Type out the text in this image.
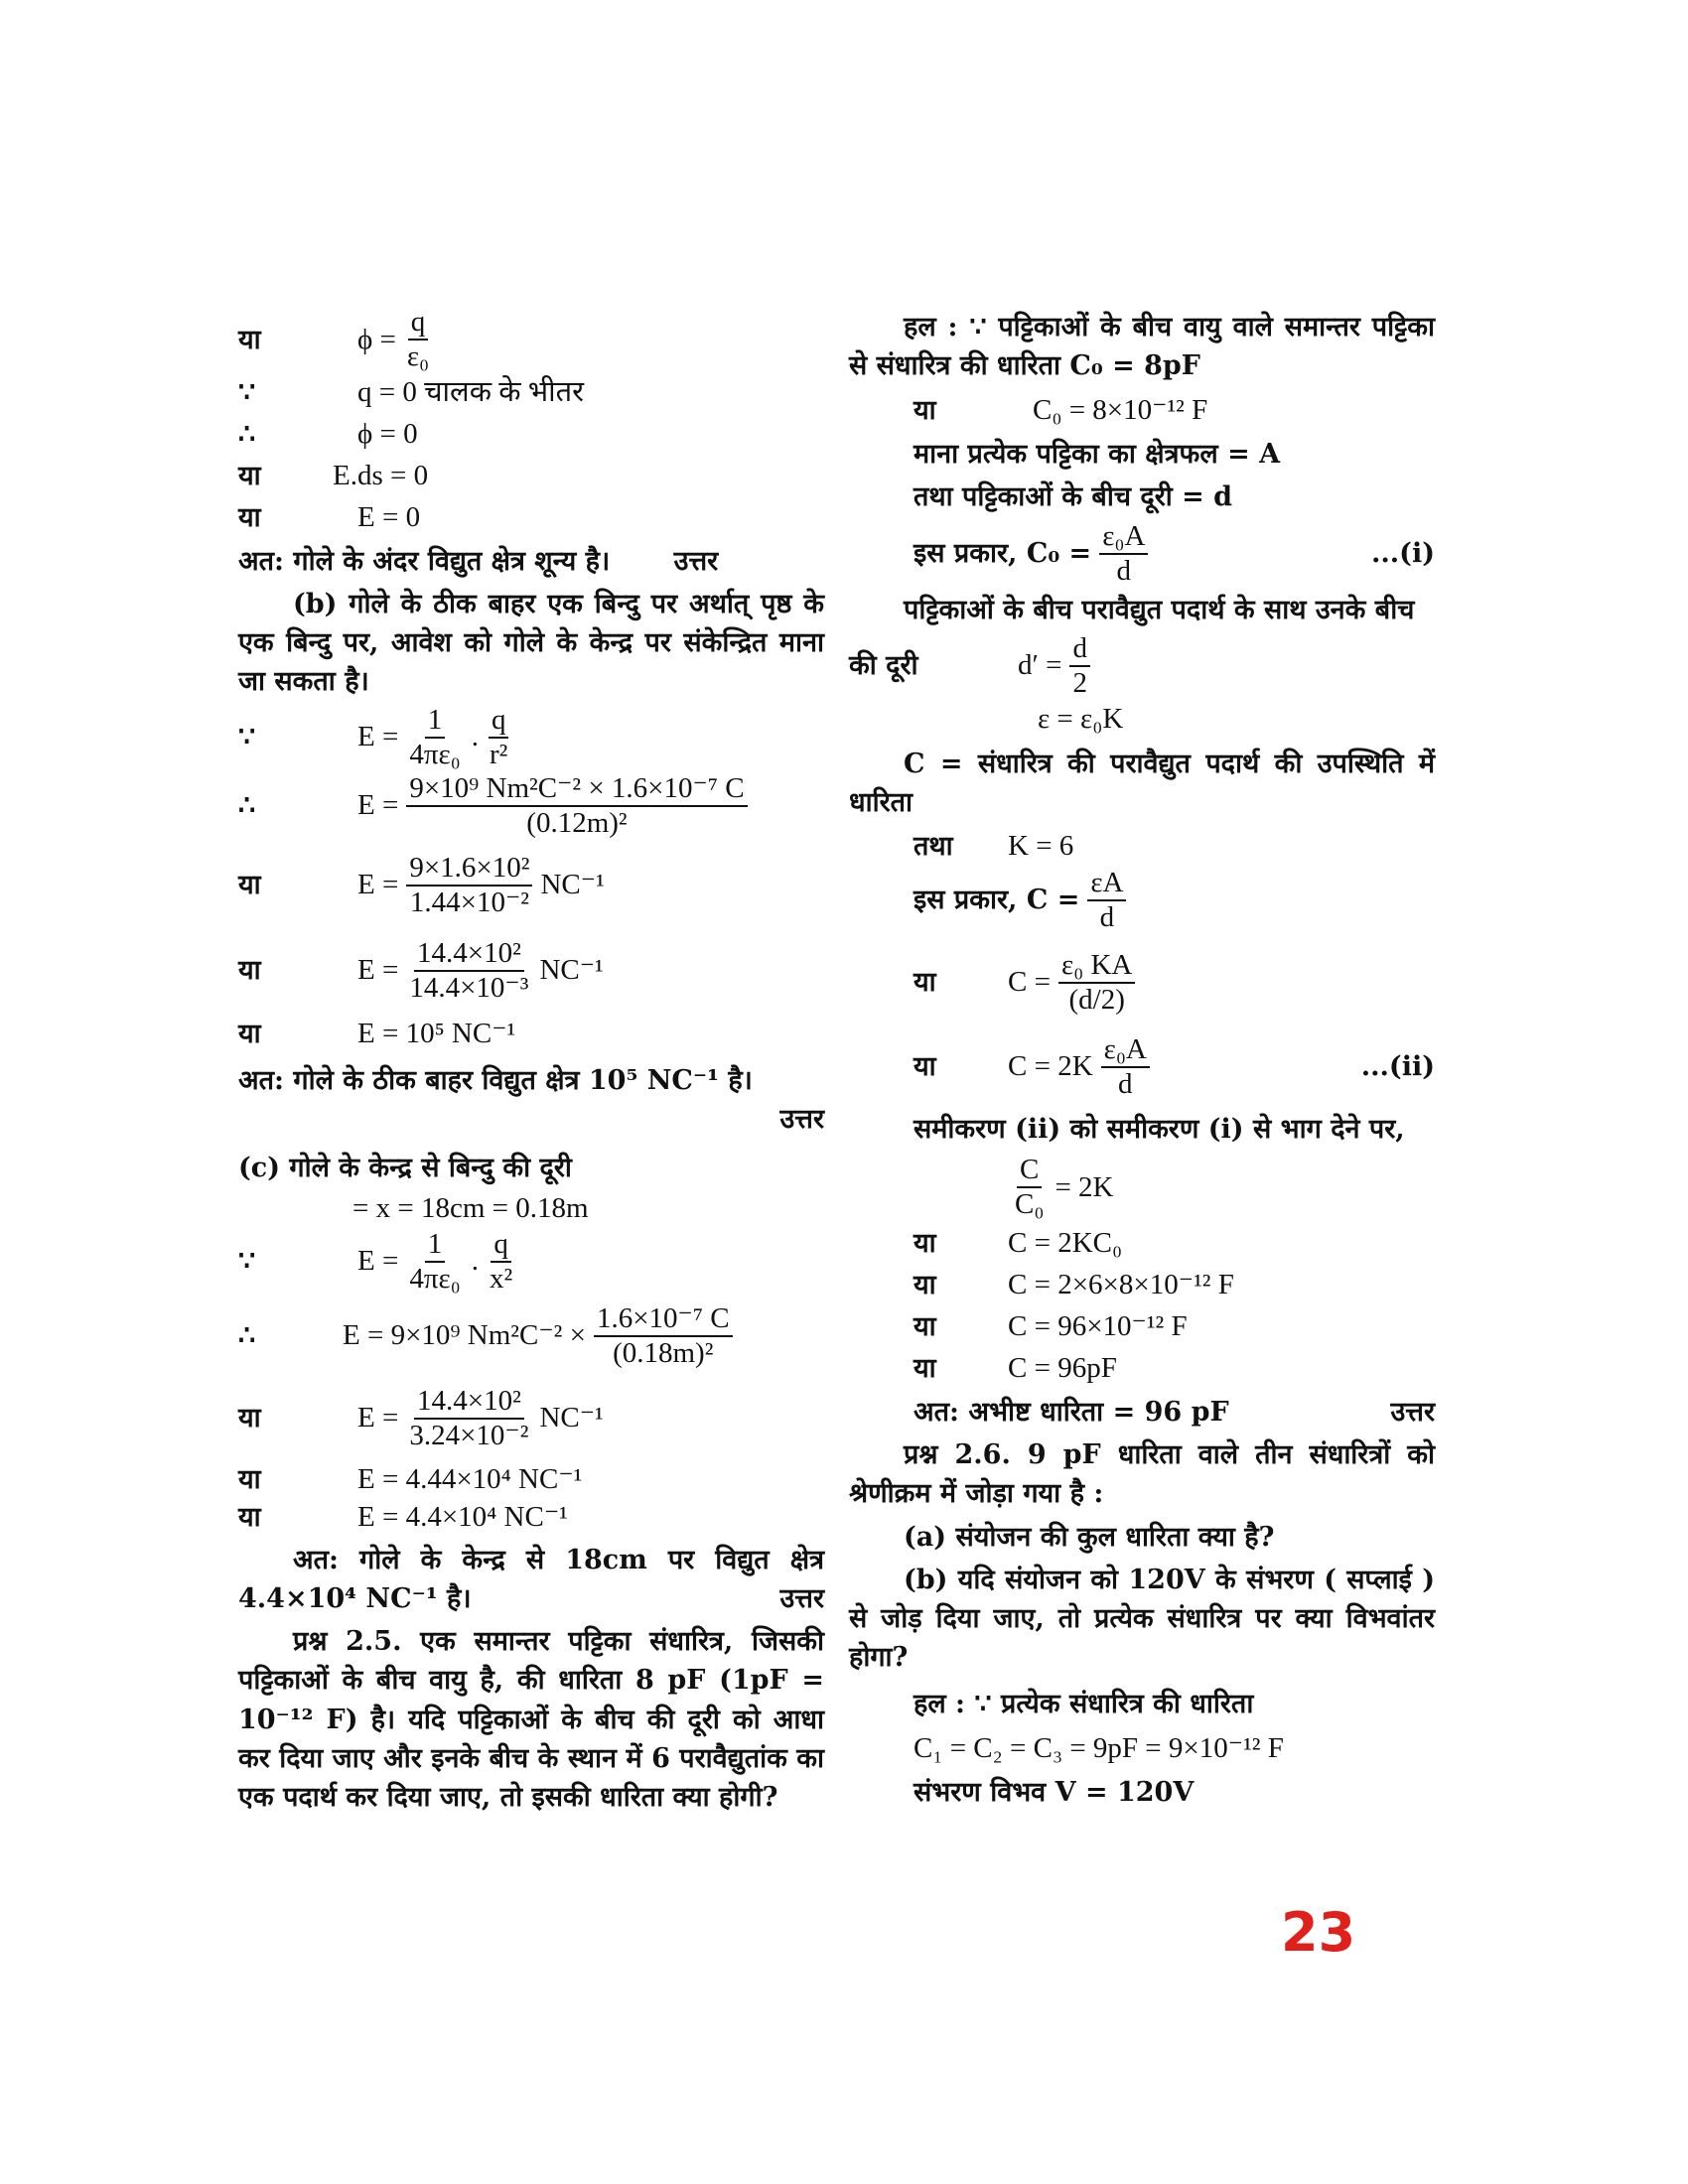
या	$\phi = \frac{q}{\text{ε₀}}$
∵	q = 0 चालक के भीतर
∴	ϕ = 0
या	E.ds = 0
या	E = 0
अत: गोले के अंदर विद्युत क्षेत्र शून्य है। उत्तर
(b) गोले के ठीक बाहर एक बिन्दु पर अर्थात् पृष्ठ के एक बिन्दु पर, आवेश को गोले के केन्द्र पर संकेन्द्रित माना जा सकता है।
∵	$E = \frac{1}{\text{4πε₀}}$ . $\frac{q}{\text{r²}}$
∴	$E = \frac{\text{9×10⁹ Nm²C⁻² × 1.6×10⁻⁷ C}}{\text{(0.12m)²}}$
या	$E = \frac{\text{9×1.6×10²}}{\text{1.44×10⁻²}} NC^{-1}$
या	$E = \frac{\text{14.4×10²}}{\text{14.4×10⁻³}} NC^{-1}$
या	E = 10⁵ NC⁻¹
अत: गोले के ठीक बाहर विद्युत क्षेत्र 10⁵ NC⁻¹ है।

उत्तर
(c) गोले के केन्द्र से बिन्दु की दूरी
= x = 18cm = 0.18m
∵	$E = \frac{1}{\text{4πε₀}}$ . $\frac{q}{\text{x²}}$
∴	E = 9×10⁹ $Nm^2C^{-2} \times \frac{\text{1.6×10⁻⁷ C}}{\text{(0.18m)²}}$
या	$E = \frac{\text{14.4×10²}}{\text{3.24×10⁻²}} NC^{-1}$
या	E = 4.44×10⁴ NC⁻¹
या	E = 4.4×10⁴ NC⁻¹
अत: गोले के केन्द्र से 18cm पर विद्युत क्षेत्र 4.4×10⁴ NC⁻¹ है।	उत्तर
प्रश्न 2.5. एक समान्तर पट्टिका संधारित्र, जिसकी पट्टिकाओं के बीच वायु है, की धारिता 8 pF (1pF = 10⁻¹² F) है। यदि पट्टिकाओं के बीच की दूरी को आधा कर दिया जाए और इनके बीच के स्थान में 6 परावैद्युतांक का एक पदार्थ कर दिया जाए, तो इसकी धारिता क्या होगी?
हल : ∵ पट्टिकाओं के बीच वायु वाले समान्तर पट्टिका से संधारित्र की धारिता C₀ = 8pF
या	C₀ = 8×10⁻¹² F
माना प्रत्येक पट्टिका का क्षेत्रफल = A
तथा पट्टिकाओं के बीच दूरी = d
इस प्रकार, $C_0 = \frac{\text{ε₀A}}{d}$	...(i)
पट्टिकाओं के बीच परावैद्युत पदार्थ के साथ उनके बीच
की दूरी	$d' = \frac{d}{2}$
ε = ε₀K
C = संधारित्र की परावैद्युत पदार्थ की उपस्थिति में धारिता
तथा	K = 6
इस प्रकार, $C = \frac{\varepsilon A}{d}$
या	$C = \frac{\text{ε₀ KA}}{(d/2)}$
या	$C = 2K \frac{\text{ε₀A}}{d}$	...(ii)
समीकरण (ii) को समीकरण (i) से भाग देने पर,
$\frac{C}{\text{C₀}} = 2K$
या	C = 2KC₀
या	C = 2×6×8×10⁻¹² F
या	C = 96×10⁻¹² F
या	C = 96pF
अत: अभीष्ट धारिता = 96 pF	उत्तर
प्रश्न 2.6. 9 pF धारिता वाले तीन संधारित्रों को श्रेणीक्रम में जोड़ा गया है :
(a) संयोजन की कुल धारिता क्या है?
(b) यदि संयोजन को 120V के संभरण ( सप्लाई ) से जोड़ दिया जाए, तो प्रत्येक संधारित्र पर क्या विभवांतर होगा?
हल : ∵ प्रत्येक संधारित्र की धारिता
C₁ = C₂ = C₃ = 9pF = 9×10⁻¹² F
संभरण विभव V = 120V
23
